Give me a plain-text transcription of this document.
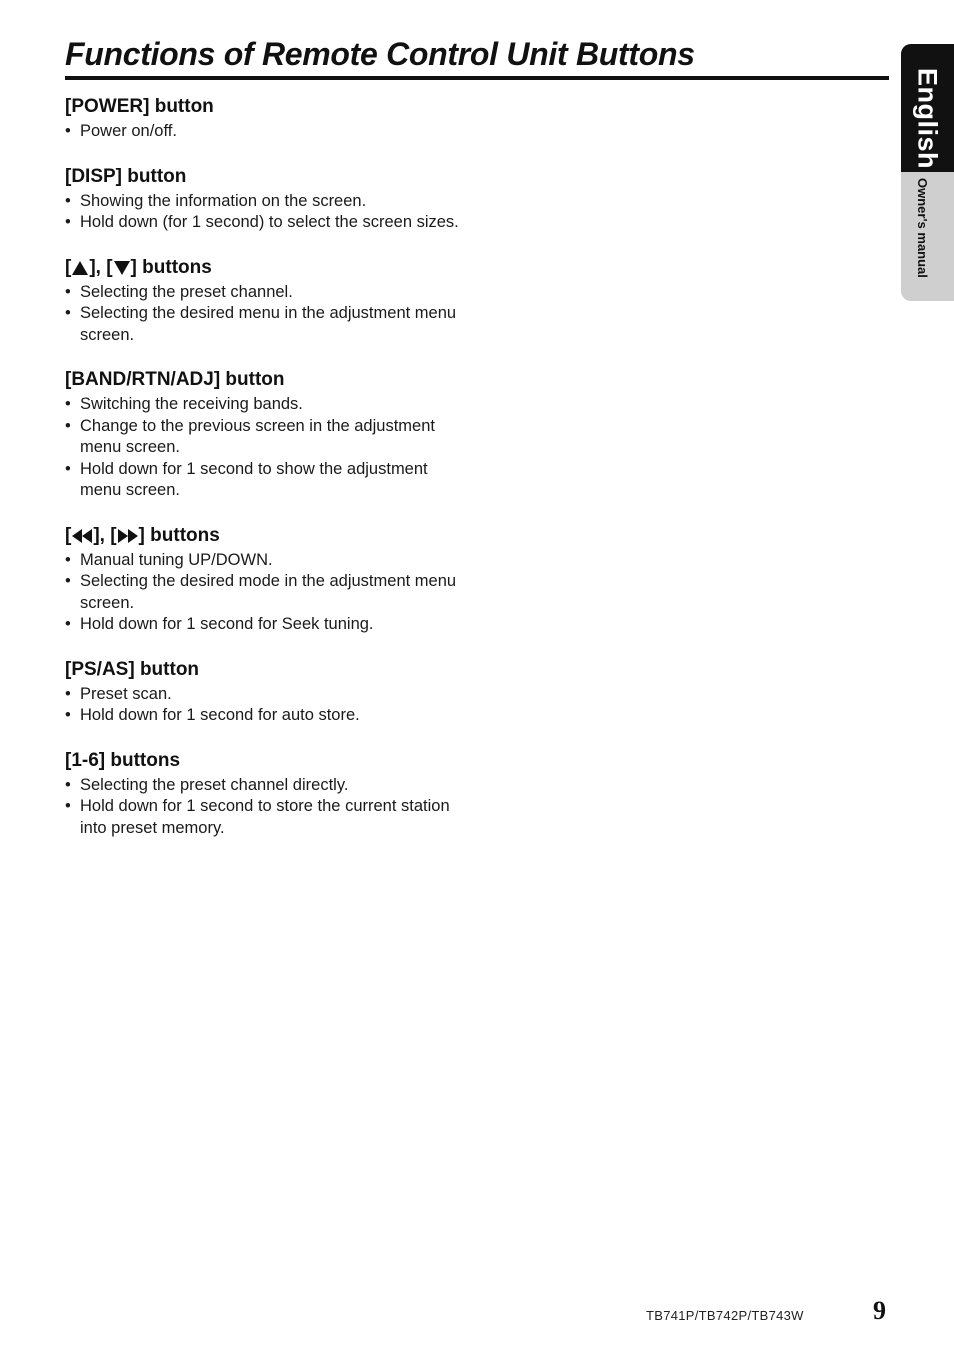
Functions of Remote Control Unit Buttons
[POWER] button
• Power on/off.
[DISP] button
• Showing the information on the screen.
• Hold down (for 1 second) to select the screen sizes.
[ ], [ ] buttons
• Selecting the preset channel.
• Selecting the desired menu in the adjustment menu screen.
[BAND/RTN/ADJ] button
• Switching the receiving bands.
• Change to the previous screen in the adjustment menu screen.
• Hold down for 1 second to show the adjustment menu screen.
[ ], [ ] buttons
• Manual tuning UP/DOWN.
• Selecting the desired mode in the adjustment menu screen.
• Hold down for 1 second for Seek tuning.
[PS/AS] button
• Preset scan.
• Hold down for 1 second for auto store.
[1-6] buttons
• Selecting the preset channel directly.
• Hold down for 1 second to store the current station into preset memory.
English
Owner's manual
TB741P/TB742P/TB743W	9
